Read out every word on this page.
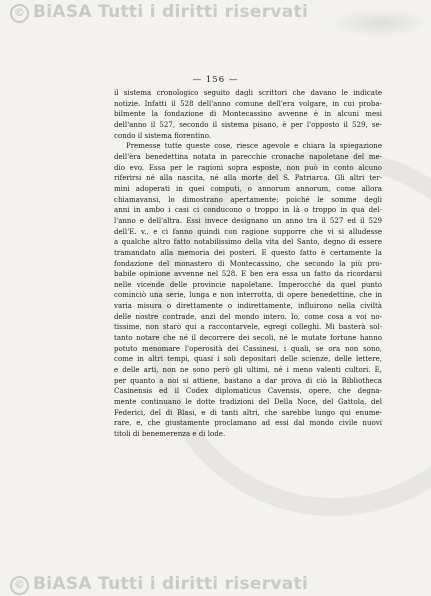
© BiASA Tutti i diritti riservati
— 156 —
il sistema cronologico seguito dagli scrittori che davano le indicate
notizie. Infatti il 528 dell'anno comune dell'era volgare, in cui proba-
bilmente la fondazione di Montecassino avvenne è in alcuni mesi
dell'anno il 527, secondo il sistema pisano, è per l'opposto il 529, se-
condo il sistema fiorentino.
Premesse tutte queste cose, riesce agevole e chiara la spiegazione
dell'èra benedettina notata in parecchie cronache napoletane del me-
dio evo. Essa per le ragioni sopra esposte, non può in conto alcuno
riferirsi né alla nascita, né alla morte del S. Patriarca. Gli altri ter-
mini adoperati in quei computi, o annorum annorum, come allora
chiamavansi, lo dimostrano apertamente; poiché le somme degli
anni in ambo i casi ci conducono o troppo in là o troppo in qua del-
l'anno e dell'altra. Essi invece designano un anno tra il 527 ed il 529
dell'E. v., e ci fanno quindi con ragione supporre che vi si alludesse
a qualche altro fatto notabilissimo della vita del Santo, degno di essere
tramandato alla memoria dei posteri. E questo fatto è certamente la
fondazione del monastero di Montecassino, che secondo la più pro-
babile opinione avvenne nel 528. E ben era essa un fatto da ricordarsi
nelle vicende delle provincie napoletane. Imperocché da quel punto
cominciò una serie, lunga e non interrotta, di opere benedettine, che in
varia misura o direttamente o indirettamente, influirono nella civiltà
delle nostre contrade, anzi del mondo intero. Io, come cosa a voi no-
tissime, non starò qui a raccontarvele, egregi colleghi. Mi basterà sol-
tanto notare che né il decorrere dei secoli, né le mutate fortune hanno
potuto menomare l'operosità dei Cassinesi, i quali, se ora non sono,
come in altri tempi, quasi i soli depositari delle scienze, delle lettere,
e delle arti, non ne sono però gli ultimi, né i meno valenti cultori. E,
per quanto a noi si attiene, bastano a dar prova di ciò la Bibliotheca
Casinensis ed il Codex diplomaticus Cavensis, opere, che degna-
mente continuano le dotte tradizioni del Della Noce, del Gattola, del
Federici, del di Blasi, e di tanti altri, che sarebbe lungo qui enume-
rare, e, che giustamente proclamano ad essi dal mondo civile nuovi
titoli di benemerenza e di lode.
© BiASA Tutti i diritti riservati
